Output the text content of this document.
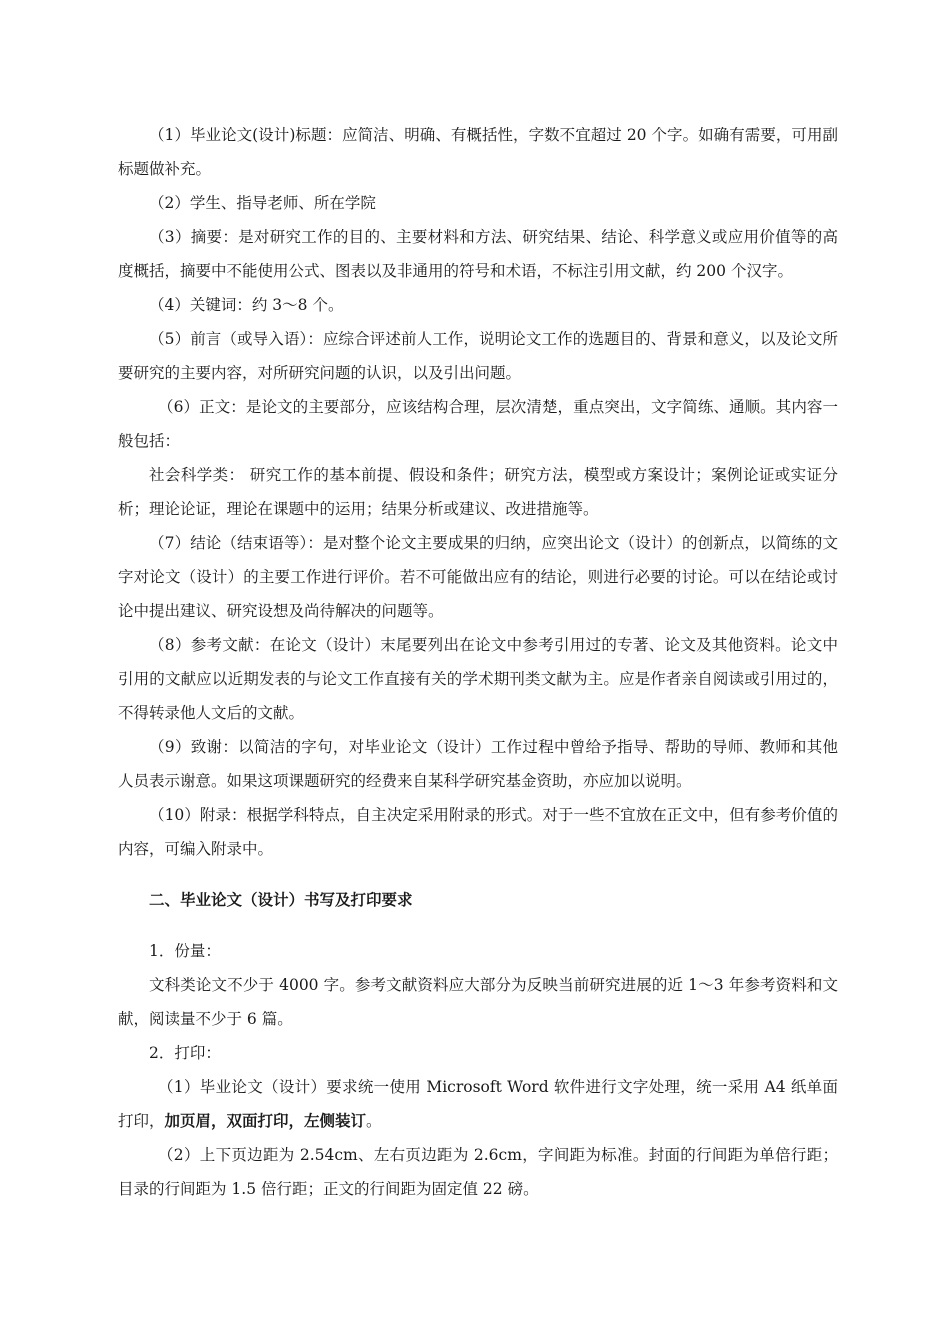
（1）毕业论文(设计)标题：应简洁、明确、有概括性，字数不宜超过 20 个字。如确有需要，可用副标题做补充。

（2）学生、指导老师、所在学院

（3）摘要：是对研究工作的目的、主要材料和方法、研究结果、结论、科学意义或应用价值等的高度概括，摘要中不能使用公式、图表以及非通用的符号和术语，不标注引用文献，约 200 个汉字。

（4）关键词：约 3～8 个。

（5）前言（或导入语）：应综合评述前人工作，说明论文工作的选题目的、背景和意义，以及论文所要研究的主要内容，对所研究问题的认识，以及引出问题。

（6）正文：是论文的主要部分，应该结构合理，层次清楚，重点突出，文字简练、通顺。其内容一般包括：

社会科学类： 研究工作的基本前提、假设和条件；研究方法，模型或方案设计；案例论证或实证分析；理论论证，理论在课题中的运用；结果分析或建议、改进措施等。

（7）结论（结束语等）：是对整个论文主要成果的归纳，应突出论文（设计）的创新点，以简练的文字对论文（设计）的主要工作进行评价。若不可能做出应有的结论，则进行必要的讨论。可以在结论或讨论中提出建议、研究设想及尚待解决的问题等。

（8）参考文献：在论文（设计）末尾要列出在论文中参考引用过的专著、论文及其他资料。论文中引用的文献应以近期发表的与论文工作直接有关的学术期刊类文献为主。应是作者亲自阅读或引用过的，不得转录他人文后的文献。

（9）致谢：以简洁的字句，对毕业论文（设计）工作过程中曾给予指导、帮助的导师、教师和其他人员表示谢意。如果这项课题研究的经费来自某科学研究基金资助，亦应加以说明。

（10）附录：根据学科特点，自主决定采用附录的形式。对于一些不宜放在正文中，但有参考价值的内容，可编入附录中。

二、毕业论文（设计）书写及打印要求

1．份量：

文科类论文不少于 4000 字。参考文献资料应大部分为反映当前研究进展的近 1～3 年参考资料和文献，阅读量不少于 6 篇。

2．打印：

（1）毕业论文（设计）要求统一使用 Microsoft Word 软件进行文字处理，统一采用 A4 纸单面打印，加页眉，双面打印，左侧装订。

（2）上下页边距为 2.54cm、左右页边距为 2.6cm，字间距为标准。封面的行间距为单倍行距；目录的行间距为 1.5 倍行距；正文的行间距为固定值 22 磅。
